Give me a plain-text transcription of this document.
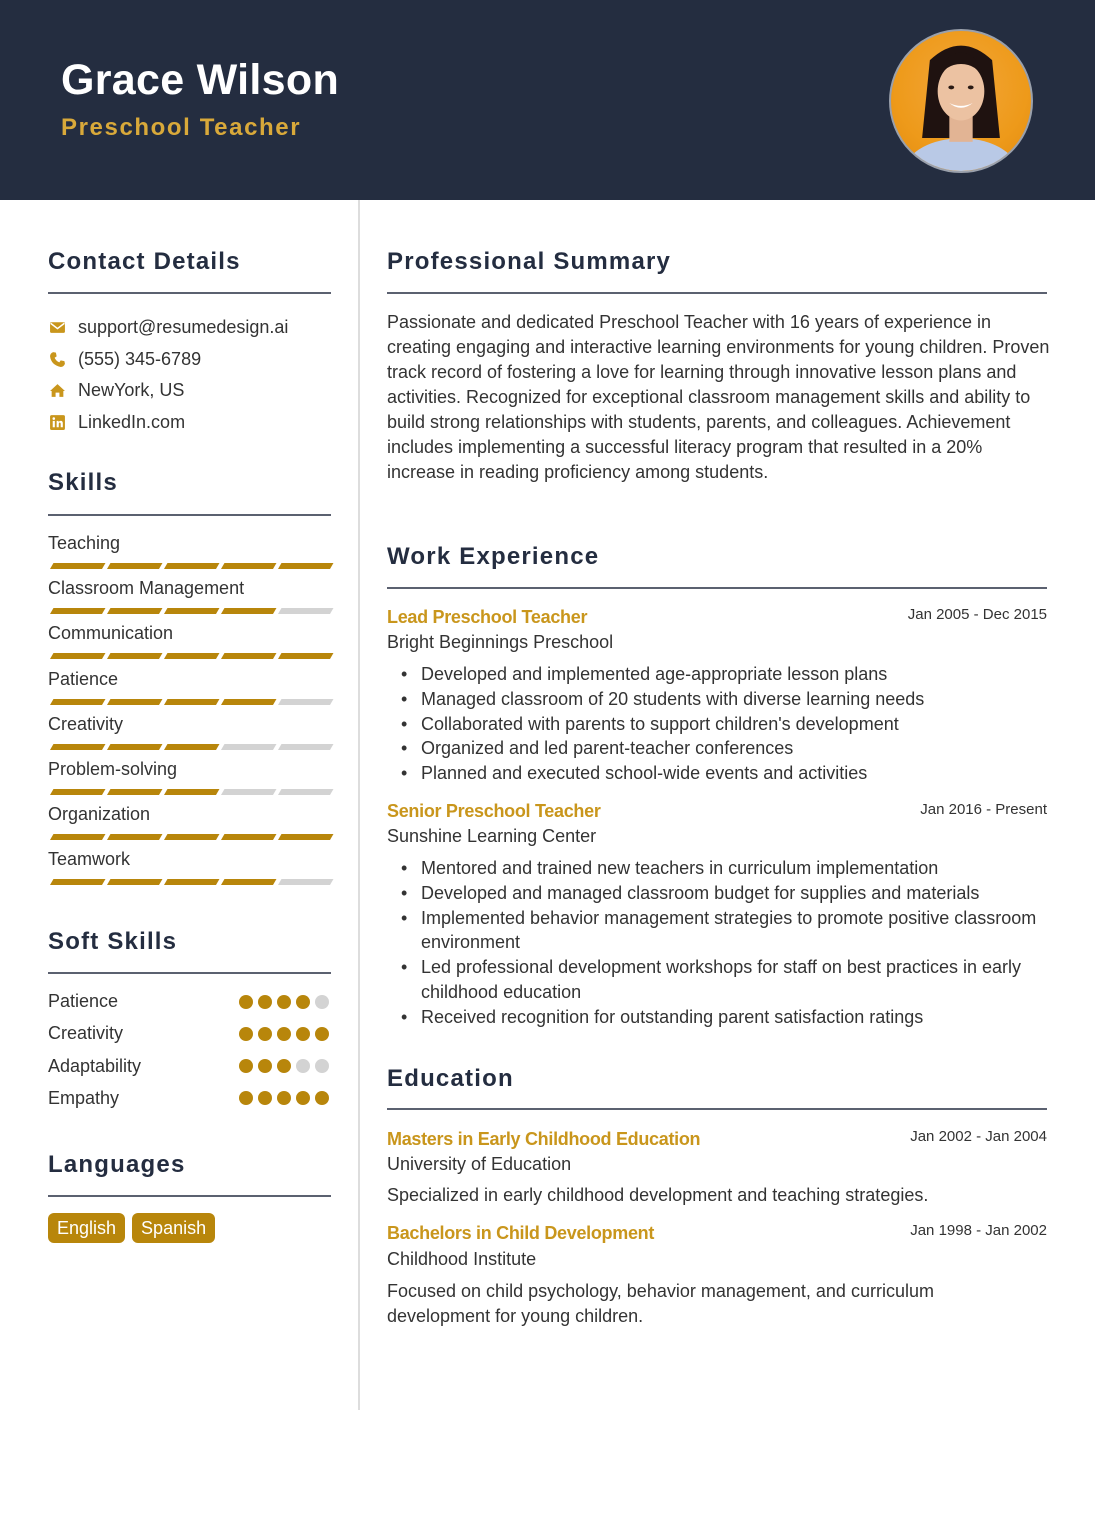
Grace Wilson
Preschool Teacher
Contact Details
support@resumedesign.ai
(555) 345-6789
NewYork, US
LinkedIn.com
Skills
Teaching
Classroom Management
Communication
Patience
Creativity
Problem-solving
Organization
Teamwork
Soft Skills
Patience
Creativity
Adaptability
Empathy
Languages
English	Spanish
Professional Summary
Passionate and dedicated Preschool Teacher with 16 years of experience in creating engaging and interactive learning environments for young children. Proven track record of fostering a love for learning through innovative lesson plans and activities. Recognized for exceptional classroom management skills and ability to build strong relationships with students, parents, and colleagues. Achievement includes implementing a successful literacy program that resulted in a 20% increase in reading proficiency among students.
Work Experience
Lead Preschool Teacher	Jan 2005 - Dec 2015
Bright Beginnings Preschool
• Developed and implemented age-appropriate lesson plans
• Managed classroom of 20 students with diverse learning needs
• Collaborated with parents to support children's development
• Organized and led parent-teacher conferences
• Planned and executed school-wide events and activities
Senior Preschool Teacher	Jan 2016 - Present
Sunshine Learning Center
• Mentored and trained new teachers in curriculum implementation
• Developed and managed classroom budget for supplies and materials
• Implemented behavior management strategies to promote positive classroom environment
• Led professional development workshops for staff on best practices in early childhood education
• Received recognition for outstanding parent satisfaction ratings
Education
Masters in Early Childhood Education	Jan 2002 - Jan 2004
University of Education
Specialized in early childhood development and teaching strategies.
Bachelors in Child Development	Jan 1998 - Jan 2002
Childhood Institute
Focused on child psychology, behavior management, and curriculum development for young children.
